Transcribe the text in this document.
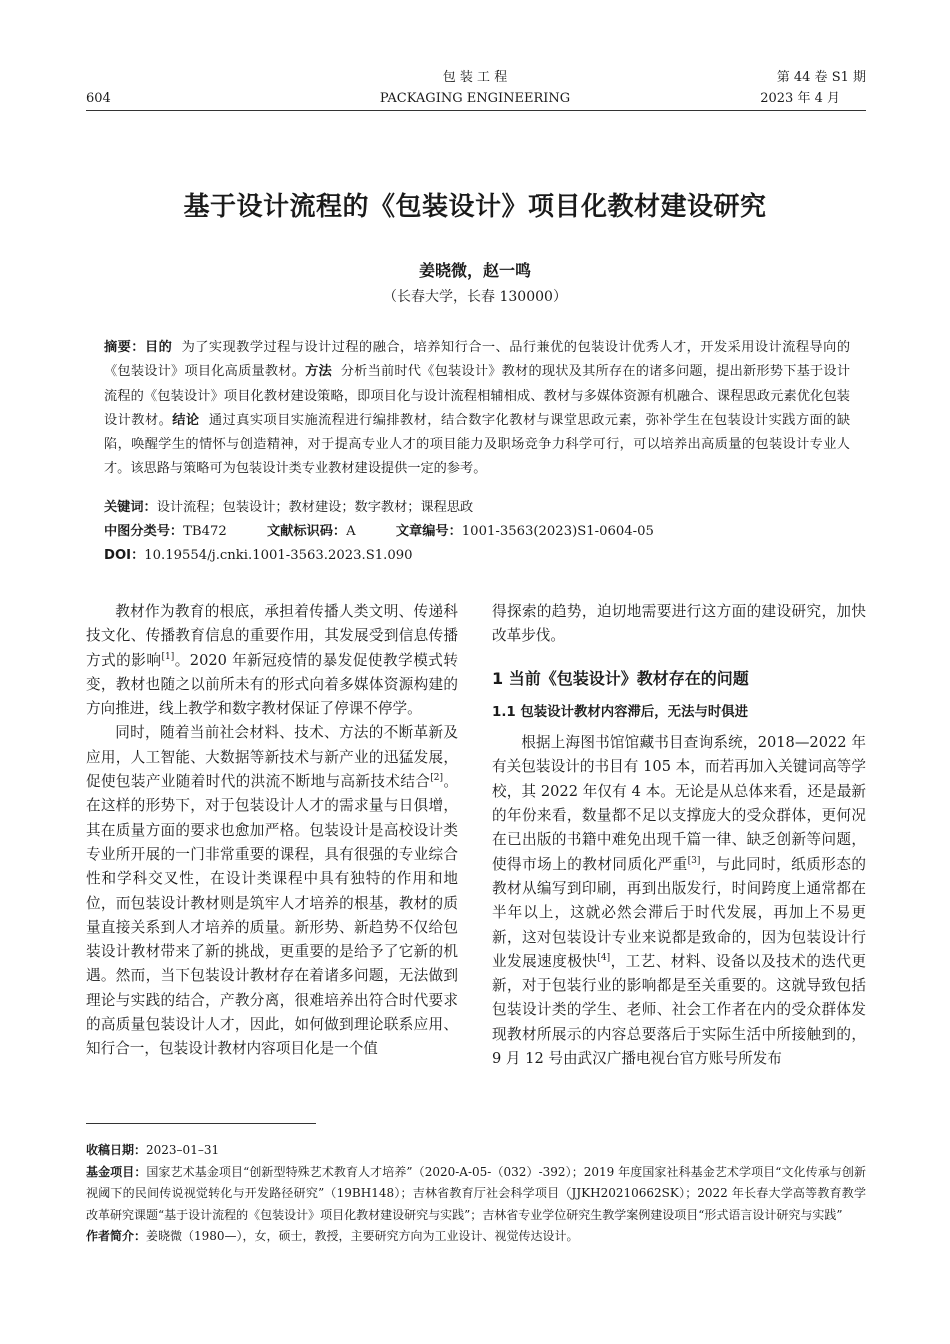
包 装 工 程
PACKAGING ENGINEERING
604
第 44 卷 S1 期
2023 年 4 月
基于设计流程的《包装设计》项目化教材建设研究
姜晓微，赵一鸣
（长春大学，长春 130000）
摘要：目的 为了实现教学过程与设计过程的融合，培养知行合一、品行兼优的包装设计优秀人才，开发采用设计流程导向的《包装设计》项目化高质量教材。方法 分析当前时代《包装设计》教材的现状及其所存在的诸多问题，提出新形势下基于设计流程的《包装设计》项目化教材建设策略，即项目化与设计流程相辅相成、教材与多媒体资源有机融合、课程思政元素优化包装设计教材。结论 通过真实项目实施流程进行编排教材，结合数字化教材与课堂思政元素，弥补学生在包装设计实践方面的缺陷，唤醒学生的情怀与创造精神，对于提高专业人才的项目能力及职场竞争力科学可行，可以培养出高质量的包装设计专业人才。该思路与策略可为包装设计类专业教材建设提供一定的参考。
关键词：设计流程；包装设计；教材建设；数字教材；课程思政
中图分类号：TB472	文献标识码：A	文章编号：1001-3563(2023)S1-0604-05
DOI：10.19554/j.cnki.1001-3563.2023.S1.090

教材作为教育的根底，承担着传播人类文明、传递科技文化、传播教育信息的重要作用，其发展受到信息传播方式的影响[1]。2020 年新冠疫情的暴发促使教学模式转变，教材也随之以前所未有的形式向着多媒体资源构建的方向推进，线上教学和数字教材保证了停课不停学。

同时，随着当前社会材料、技术、方法的不断革新及应用，人工智能、大数据等新技术与新产业的迅猛发展，促使包装产业随着时代的洪流不断地与高新技术结合[2]。在这样的形势下，对于包装设计人才的需求量与日俱增，其在质量方面的要求也愈加严格。包装设计是高校设计类专业所开展的一门非常重要的课程，具有很强的专业综合性和学科交叉性，在设计类课程中具有独特的作用和地位，而包装设计教材则是筑牢人才培养的根基，教材的质量直接关系到人才培养的质量。新形势、新趋势不仅给包装设计教材带来了新的挑战，更重要的是给予了它新的机遇。然而，当下包装设计教材存在着诸多问题，无法做到理论与实践的结合，产教分离，很难培养出符合时代要求的高质量包装设计人才，因此，如何做到理论联系应用、知行合一，包装设计教材内容项目化是一个值

得探索的趋势，迫切地需要进行这方面的建设研究，加快改革步伐。

1 当前《包装设计》教材存在的问题
1.1 包装设计教材内容滞后，无法与时俱进

根据上海图书馆馆藏书目查询系统，2018—2022 年有关包装设计的书目有 105 本，而若再加入关键词高等学校，其 2022 年仅有 4 本。无论是从总体来看，还是最新的年份来看，数量都不足以支撑庞大的受众群体，更何况在已出版的书籍中难免出现千篇一律、缺乏创新等问题，使得市场上的教材同质化严重[3]，与此同时，纸质形态的教材从编写到印刷，再到出版发行，时间跨度上通常都在半年以上，这就必然会滞后于时代发展，再加上不易更新，这对包装设计专业来说都是致命的，因为包装设计行业发展速度极快[4]，工艺、材料、设备以及技术的迭代更新，对于包装行业的影响都是至关重要的。这就导致包括包装设计类的学生、老师、社会工作者在内的受众群体发现教材所展示的内容总要落后于实际生活中所接触到的，9 月 12 号由武汉广播电视台官方账号所发布

收稿日期：2023–01–31

基金项目：国家艺术基金项目“创新型特殊艺术教育人才培养”（2020-A-05-（032）-392）；2019 年度国家社科基金艺术学项目“文化传承与创新视阈下的民间传说视觉转化与开发路径研究”（19BH148）；吉林省教育厅社会科学项目（JJKH20210662SK）；2022 年长春大学高等教育教学改革研究课题“基于设计流程的《包装设计》项目化教材建设研究与实践”；吉林省专业学位研究生教学案例建设项目“形式语言设计研究与实践”

作者简介：姜晓微（1980—），女，硕士，教授，主要研究方向为工业设计、视觉传达设计。
